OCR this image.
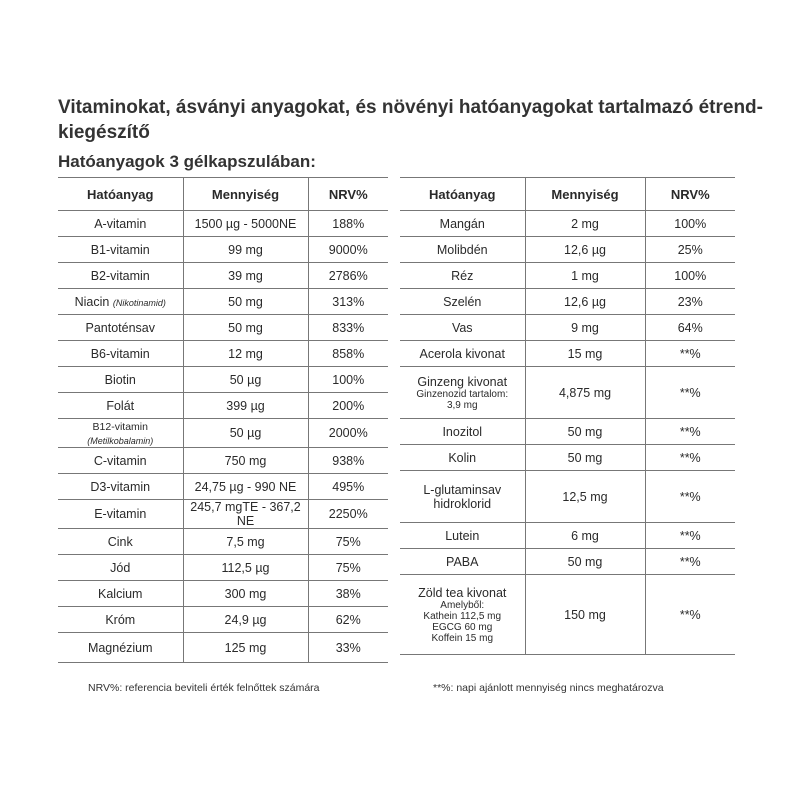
Vitaminokat, ásványi anyagokat, és növényi hatóanyagokat tartalmazó étrend-kiegészítő
Hatóanyagok 3 gélkapszulában:
Hatóanyag	Mennyiség	NRV%
A-vitamin	1500 µg - 5000NE	188%
B1-vitamin	99 mg	9000%
B2-vitamin	39 mg	2786%
Niacin (Nikotinamid)	50 mg	313%
Pantoténsav	50 mg	833%
B6-vitamin	12 mg	858%
Biotin	50 µg	100%
Folát	399 µg	200%
B12-vitamin (Metilkobalamin)	50 µg	2000%
C-vitamin	750 mg	938%
D3-vitamin	24,75 µg - 990 NE	495%
E-vitamin	245,7 mgTE - 367,2 NE	2250%
Cink	7,5 mg	75%
Jód	112,5 µg	75%
Kalcium	300 mg	38%
Króm	24,9 µg	62%
Magnézium	125 mg	33%
Hatóanyag	Mennyiség	NRV%
Mangán	2 mg	100%
Molibdén	12,6 µg	25%
Réz	1 mg	100%
Szelén	12,6 µg	23%
Vas	9 mg	64%
Acerola kivonat	15 mg	**%

Ginzeng kivonat
Ginzenozid tartalom:
3,9 mg	4,875 mg	**%
Inozitol	50 mg	**%
Kolin	50 mg	**%

L-glutaminsav
hidroklorid	12,5 mg	**%
Lutein	6 mg	**%
PABA	50 mg	**%

Zöld tea kivonat
Amelyből:
Kathein 112,5 mg
EGCG 60 mg
Koffein 15 mg	150 mg	**%
NRV%: referencia beviteli érték felnőttek számára	**%: napi ajánlott mennyiség nincs meghatározva
